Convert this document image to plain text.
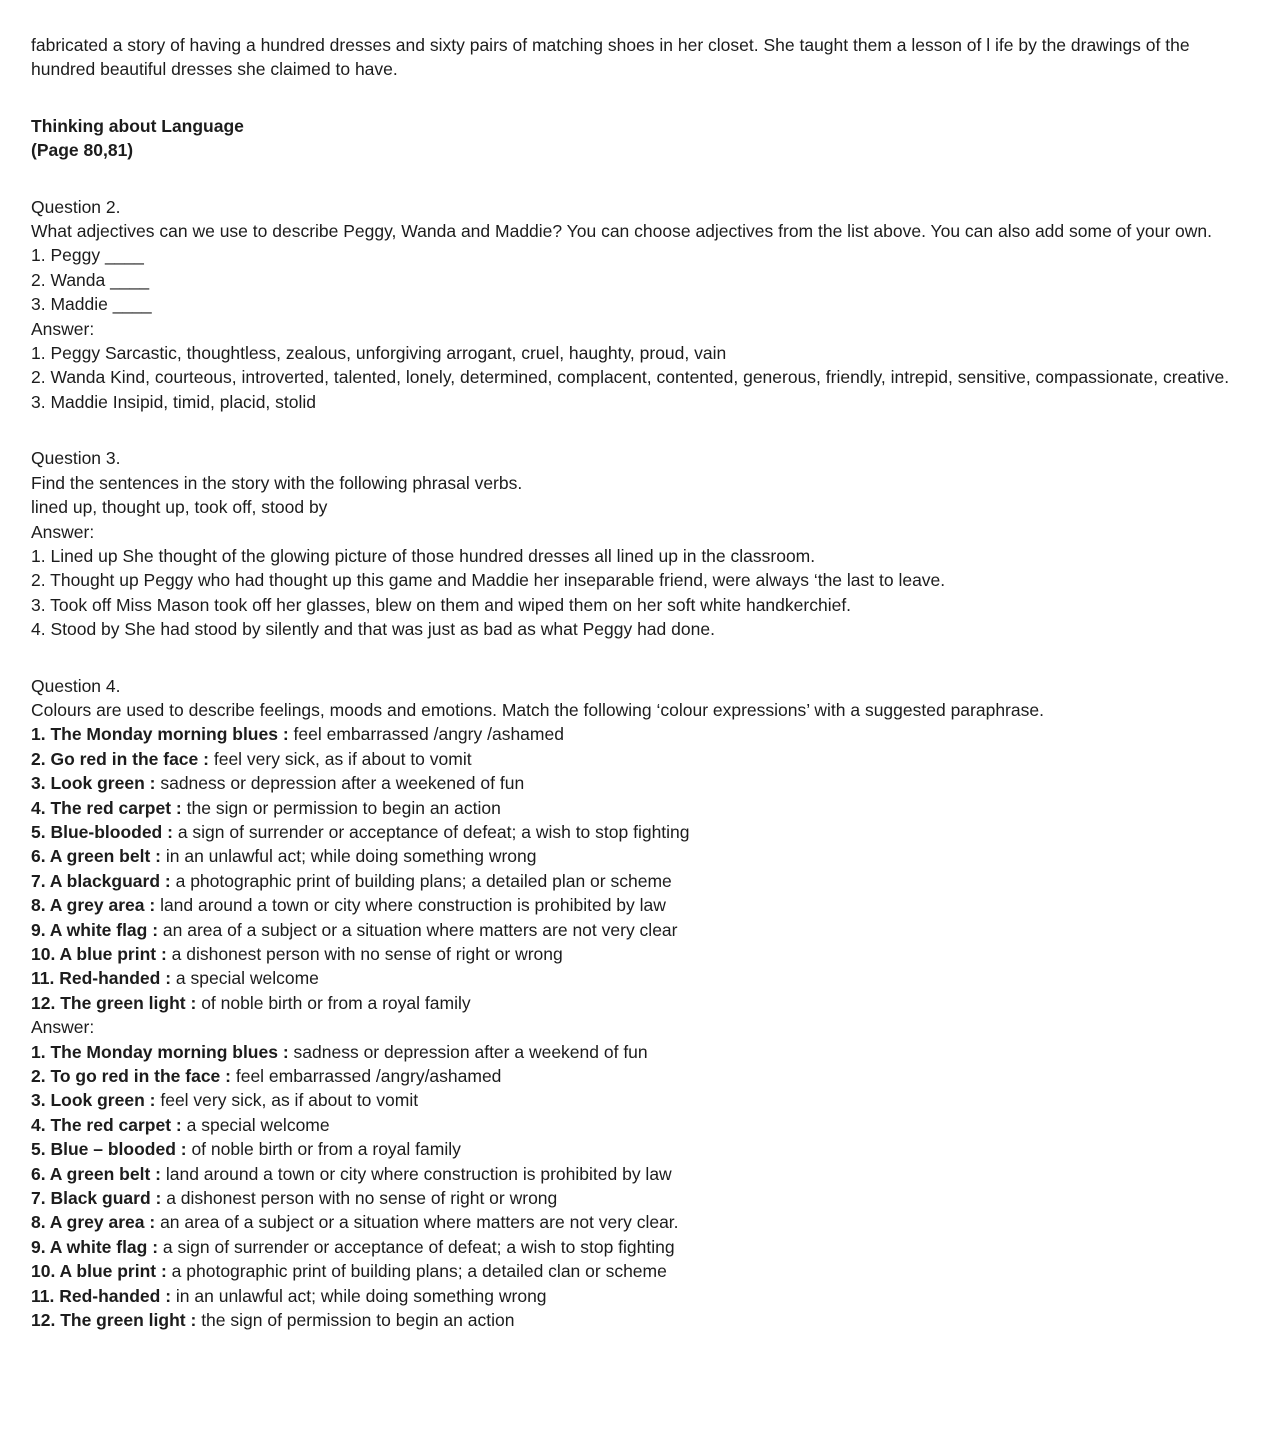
fabricated a story of having a hundred dresses and sixty pairs of matching shoes in her closet. She taught them a lesson of l ife by the drawings of the hundred beautiful dresses she claimed to have.

Thinking about Language
(Page 80,81)
Question 2.

What adjectives can we use to describe Peggy, Wanda and Maddie? You can choose adjectives from the list above. You can also add some of your own.

1. Peggy ____
2. Wanda ____
3. Maddie ____
Answer:

1. Peggy Sarcastic, thoughtless, zealous, unforgiving arrogant, cruel, haughty, proud, vain

2. Wanda Kind, courteous, introverted, talented, lonely, determined, complacent, contented, generous, friendly, intrepid, sensitive, compassionate, creative.

3. Maddie Insipid, timid, placid, stolid

Question 3.

Find the sentences in the story with the following phrasal verbs.

lined up, thought up, took off, stood by
Answer:

1. Lined up She thought of the glowing picture of those hundred dresses all lined up in the classroom.

2. Thought up Peggy who had thought up this game and Maddie her inseparable friend, were always ‘the last to leave.

3. Took off Miss Mason took off her glasses, blew on them and wiped them on her soft white handkerchief.

4. Stood by She had stood by silently and that was just as bad as what Peggy had done.

Question 4.

Colours are used to describe feelings, moods and emotions. Match the following ‘colour expressions’ with a suggested paraphrase.

1. The Monday morning blues : feel embarrassed /angry /ashamed
2. Go red in the face : feel very sick, as if about to vomit
3. Look green : sadness or depression after a weekened of fun
4. The red carpet : the sign or permission to begin an action
5. Blue-blooded : a sign of surrender or acceptance of defeat; a wish to stop fighting
6. A green belt : in an unlawful act; while doing something wrong
7. A blackguard : a photographic print of building plans; a detailed plan or scheme
8. A grey area : land around a town or city where construction is prohibited by law
9. A white flag : an area of a subject or a situation where matters are not very clear
10. A blue print : a dishonest person with no sense of right or wrong
11. Red-handed : a special welcome
12. The green light : of noble birth or from a royal family
Answer:
1. The Monday morning blues : sadness or depression after a weekend of fun
2. To go red in the face : feel embarrassed /angry/ashamed
3. Look green : feel very sick, as if about to vomit
4. The red carpet : a special welcome
5. Blue – blooded : of noble birth or from a royal family
6. A green belt : land around a town or city where construction is prohibited by law
7. Black guard : a dishonest person with no sense of right or wrong
8. A grey area : an area of a subject or a situation where matters are not very clear.
9. A white flag : a sign of surrender or acceptance of defeat; a wish to stop fighting
10. A blue print : a photographic print of building plans; a detailed clan or scheme
11. Red-handed : in an unlawful act; while doing something wrong
12. The green light : the sign of permission to begin an action
